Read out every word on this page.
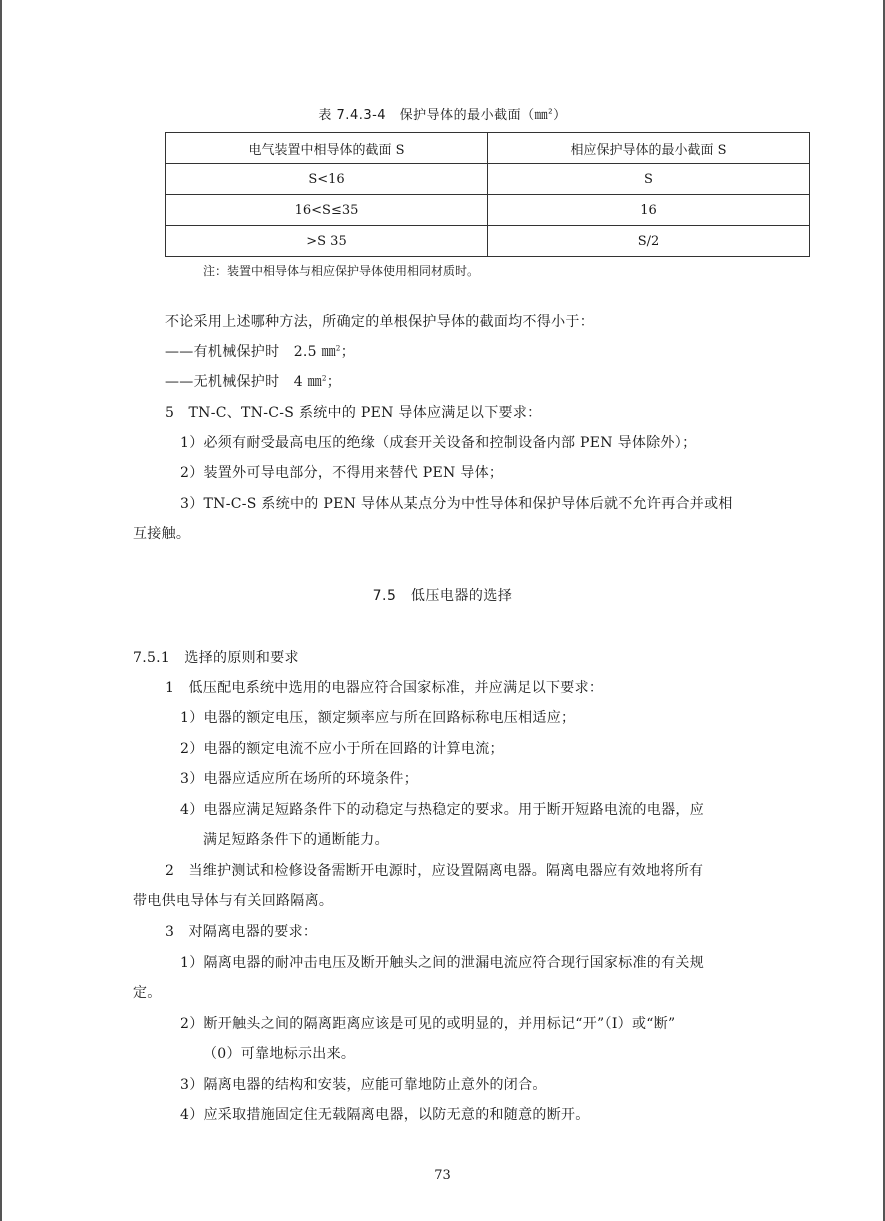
表 7.4.3-4　保护导体的最小截面（㎜$^2$）
电气装置中相导体的截面 S	相应保护导体的最小截面 S
S<16	S
16<S≤35	16
>S 35	S/2
注：装置中相导体与相应保护导体使用相同材质时。
不论采用上述哪种方法，所确定的单根保护导体的截面均不得小于：
——有机械保护时　2.5 ㎜$^2$；
——无机械保护时　4 ㎜$^2$；
5　TN-C、TN-C-S 系统中的 PEN 导体应满足以下要求：
1）必须有耐受最高电压的绝缘（成套开关设备和控制设备内部 PEN 导体除外）；
2）装置外可导电部分，不得用来替代 PEN 导体；
3）TN-C-S 系统中的 PEN 导体从某点分为中性导体和保护导体后就不允许再合并或相
互接触。
7.5　低压电器的选择
7.5.1　选择的原则和要求
1　低压配电系统中选用的电器应符合国家标准，并应满足以下要求：
1）电器的额定电压，额定频率应与所在回路标称电压相适应；
2）电器的额定电流不应小于所在回路的计算电流；
3）电器应适应所在场所的环境条件；
4）电器应满足短路条件下的动稳定与热稳定的要求。用于断开短路电流的电器，应
满足短路条件下的通断能力。
2　当维护测试和检修设备需断开电源时，应设置隔离电器。隔离电器应有效地将所有
带电供电导体与有关回路隔离。
3　对隔离电器的要求：
1）隔离电器的耐冲击电压及断开触头之间的泄漏电流应符合现行国家标准的有关规
定。
2）断开触头之间的隔离距离应该是可见的或明显的，并用标记“开”（I）或“断”
（0）可靠地标示出来。
3）隔离电器的结构和安装，应能可靠地防止意外的闭合。
4）应采取措施固定住无载隔离电器，以防无意的和随意的断开。
73
